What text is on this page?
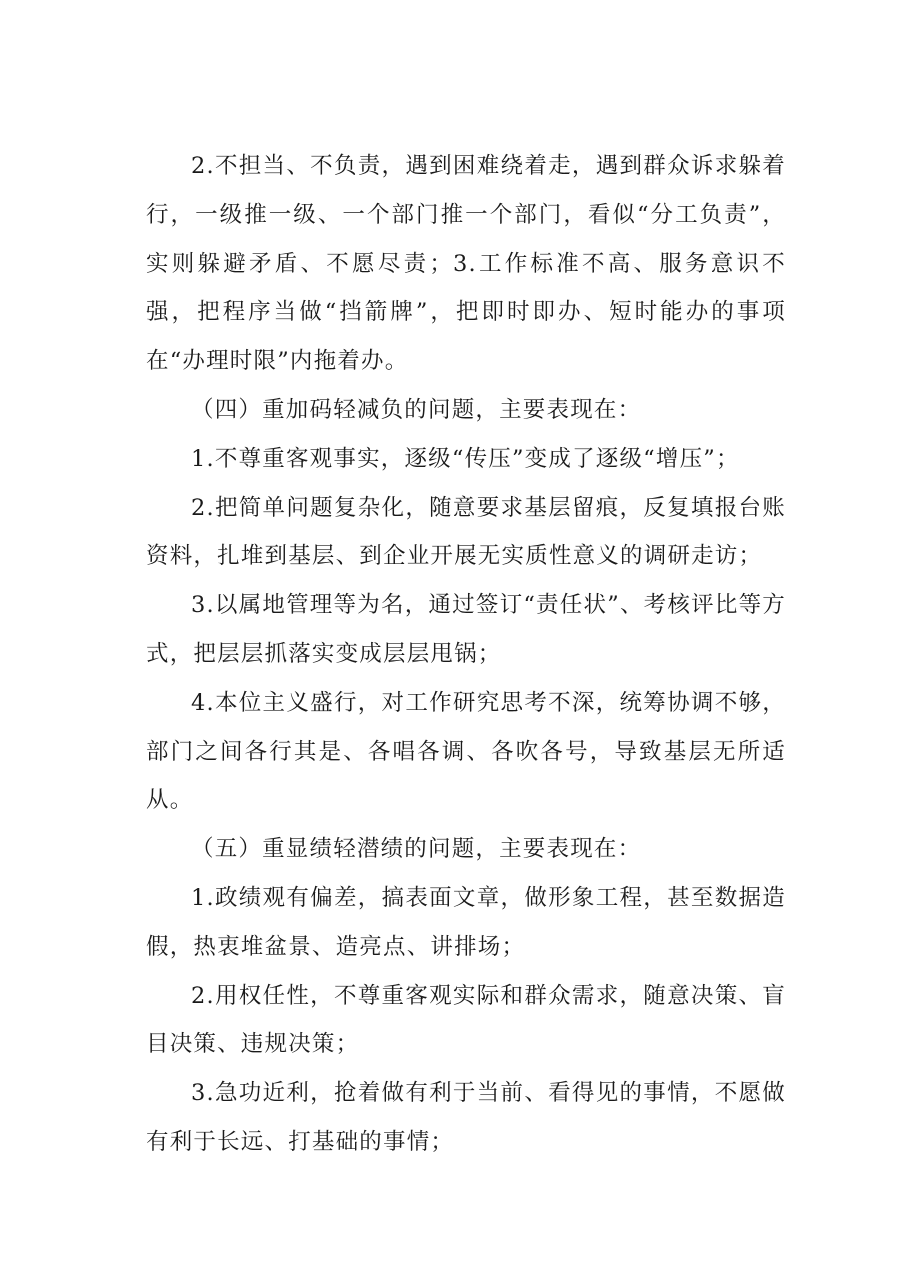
2.不担当、不负责，遇到困难绕着走，遇到群众诉求躲着行，一级推一级、一个部门推一个部门，看似“分工负责”，实则躲避矛盾、不愿尽责；3.工作标准不高、服务意识不强，把程序当做“挡箭牌”，把即时即办、短时能办的事项在“办理时限”内拖着办。

（四）重加码轻减负的问题，主要表现在：

1.不尊重客观事实，逐级“传压”变成了逐级“增压”；

2.把简单问题复杂化，随意要求基层留痕，反复填报台账资料，扎堆到基层、到企业开展无实质性意义的调研走访；

3.以属地管理等为名，通过签订“责任状”、考核评比等方式，把层层抓落实变成层层甩锅；

4.本位主义盛行，对工作研究思考不深，统筹协调不够，部门之间各行其是、各唱各调、各吹各号，导致基层无所适从。

（五）重显绩轻潜绩的问题，主要表现在：

1.政绩观有偏差，搞表面文章，做形象工程，甚至数据造假，热衷堆盆景、造亮点、讲排场；

2.用权任性，不尊重客观实际和群众需求，随意决策、盲目决策、违规决策；

3.急功近利，抢着做有利于当前、看得见的事情，不愿做有利于长远、打基础的事情；
